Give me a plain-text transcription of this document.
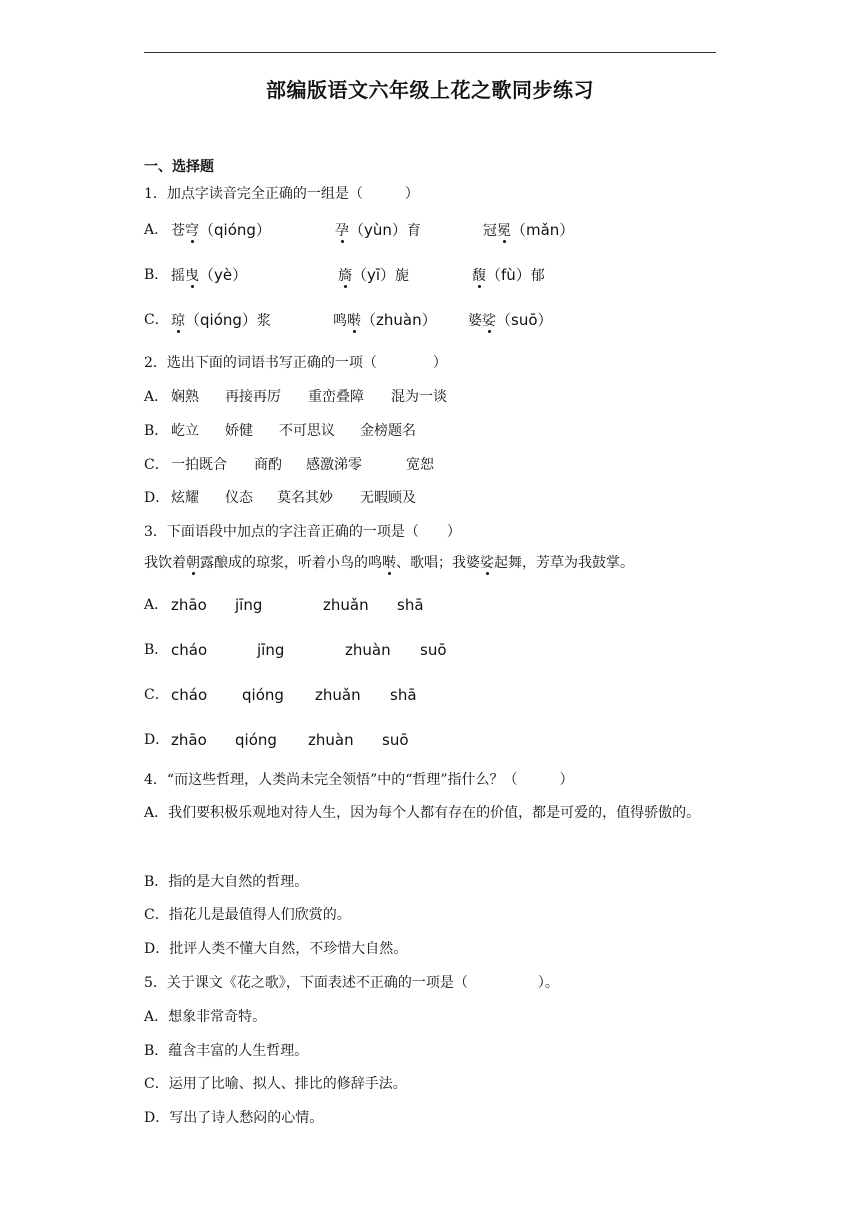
部编版语文六年级上花之歌同步练习
一、选择题
1．加点字读音完全正确的一组是（　　　）
A． 苍穹（qióng）	孕（yùn）育	冠冕（mǎn）
B． 摇曳（yè）	旖（yī）旎	馥（fù）郁
C． 琼（qióng）浆	鸣啭（zhuàn） 婆娑（suō）
2．选出下面的词语书写正确的一项（　　　　）
A． 娴熟 再接再厉 重峦叠障 混为一谈
B． 屹立 娇健 不可思议 金榜题名
C． 一拍既合 商酌 感激涕零	宽恕
D． 炫耀 仪态 莫名其妙 无暇顾及
3．下面语段中加点的字注音正确的一项是（　　）
我饮着朝露酿成的琼浆，听着小鸟的鸣啭、歌唱；我婆娑起舞，芳草为我鼓掌。
A． zhāo jīng	zhuǎn shā
B． cháo	jīng	zhuàn suō
C． cháo qióng zhuǎn shā
D． zhāo qióng zhuàn suō
4．“而这些哲理，人类尚未完全领悟”中的“哲理”指什么？（　　　）
A．我们要积极乐观地对待人生，因为每个人都有存在的价值，都是可爱的，值得骄傲的。
B．指的是大自然的哲理。
C．指花儿是最值得人们欣赏的。
D．批评人类不懂大自然，不珍惜大自然。
5．关于课文《花之歌》，下面表述不正确的一项是（　　　　　）。
A．想象非常奇特。
B．蕴含丰富的人生哲理。
C．运用了比喻、拟人、排比的修辞手法。
D．写出了诗人愁闷的心情。
